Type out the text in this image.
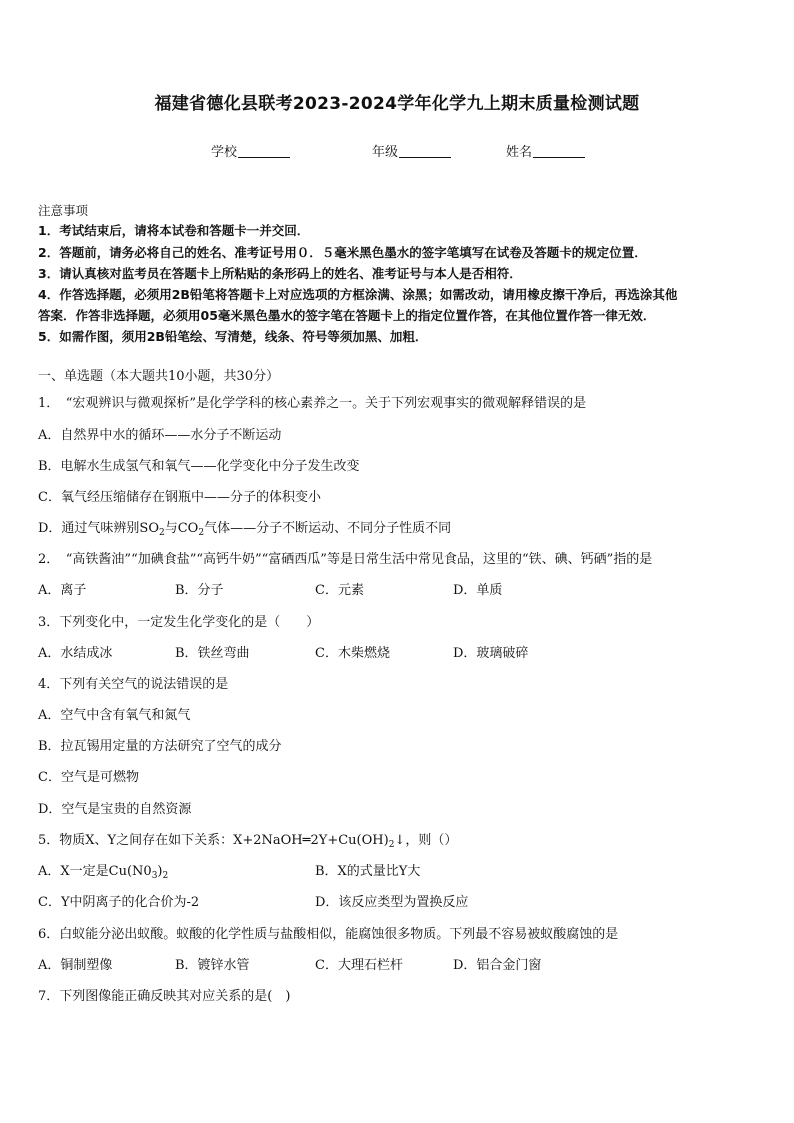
福建省德化县联考2023-2024学年化学九上期末质量检测试题
学校	年级	姓名
注意事项
1．考试结束后，请将本试卷和答题卡一并交回．
2．答题前，请务必将自己的姓名、准考证号用０．５毫米黑色墨水的签字笔填写在试卷及答题卡的规定位置．
3．请认真核对监考员在答题卡上所粘贴的条形码上的姓名、准考证号与本人是否相符．
4．作答选择题，必须用2B铅笔将答题卡上对应选项的方框涂满、涂黑；如需改动，请用橡皮擦干净后，再选涂其他
答案．作答非选择题，必须用05毫米黑色墨水的签字笔在答题卡上的指定位置作答，在其他位置作答一律无效．
5．如需作图，须用2B铅笔绘、写清楚，线条、符号等须加黑、加粗．
一、单选题（本大题共10小题，共30分）
1．　“宏观辨识与微观探析”是化学学科的核心素养之一。关于下列宏观事实的微观解释错误的是
A．自然界中水的循环——水分子不断运动
B．电解水生成氢气和氧气——化学变化中分子发生改变
C．氧气经压缩储存在钢瓶中——分子的体积变小
D．通过气味辨别$SO_2$与$CO_2$气体——分子不断运动、不同分子性质不同
2．　“高铁酱油”“加碘食盐”“高钙牛奶”“富硒西瓜”等是日常生活中常见食品，这里的“铁、碘、钙硒”指的是
A．离子	B．分子	C．元素	D．单质
3．下列变化中，一定发生化学变化的是（　　）
A．水结成冰	B．铁丝弯曲	C．木柴燃烧	D．玻璃破碎
4．下列有关空气的说法错误的是
A．空气中含有氧气和氮气
B．拉瓦锡用定量的方法研究了空气的成分
C．空气是可燃物
D．空气是宝贵的自然资源
5．物质X、Y之间存在如下关系：$X+2NaOH═2Y+Cu(OH)_2↓$，则（）
A．X一定是$Cu(N0_3)_2$	B．X的式量比Y大
C．Y中阴离子的化合价为-2	D．该反应类型为置换反应
6．白蚁能分泌出蚁酸。蚁酸的化学性质与盐酸相似，能腐蚀很多物质。下列最不容易被蚁酸腐蚀的是
A．铜制塑像	B．镀锌水管	C．大理石栏杆	D．铝合金门窗
7．下列图像能正确反映其对应关系的是(　)
